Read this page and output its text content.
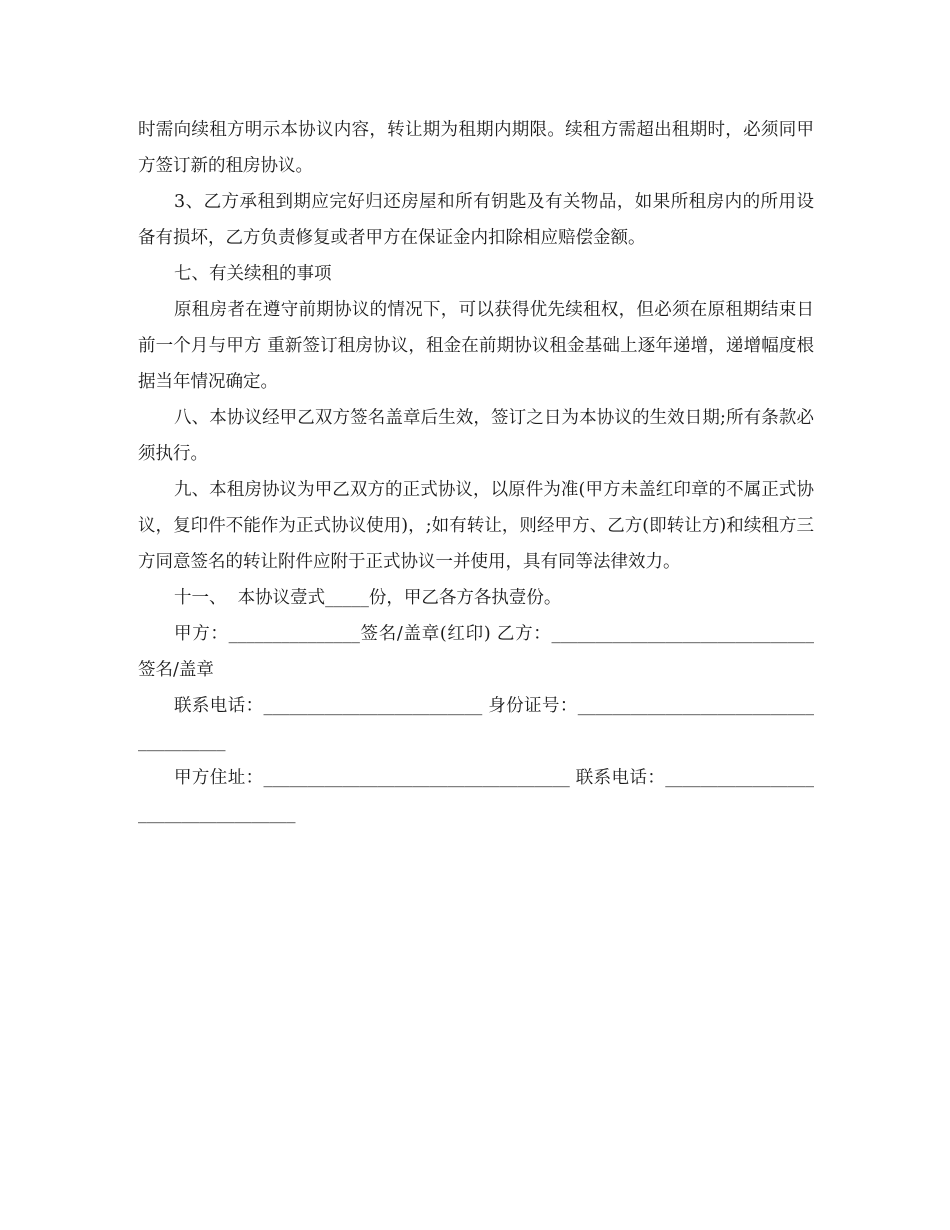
时需向续租方明示本协议内容，转让期为租期内期限。续租方需超出租期时，必须同甲方签订新的租房协议。

3、乙方承租到期应完好归还房屋和所有钥匙及有关物品，如果所租房内的所用设备有损坏，乙方负责修复或者甲方在保证金内扣除相应赔偿金额。

七、有关续租的事项

原租房者在遵守前期协议的情况下，可以获得优先续租权，但必须在原租期结束日前一个月与甲方 重新签订租房协议，租金在前期协议租金基础上逐年递增，递增幅度根据当年情况确定。

八、本协议经甲乙双方签名盖章后生效，签订之日为本协议的生效日期;所有条款必须执行。

九、本租房协议为甲乙双方的正式协议，以原件为准(甲方未盖红印章的不属正式协议，复印件不能作为正式协议使用)，;如有转让，则经甲方、乙方(即转让方)和续租方三方同意签名的转让附件应附于正式协议一并使用，具有同等法律效力。

十一、  本协议壹式_____份，甲乙各方各执壹份。

甲方：_______________签名/盖章(红印) 乙方：______________________________签名/盖章

联系电话：_________________________ 身份证号：_____________________________________

甲方住址：___________________________________ 联系电话：___________________________________
